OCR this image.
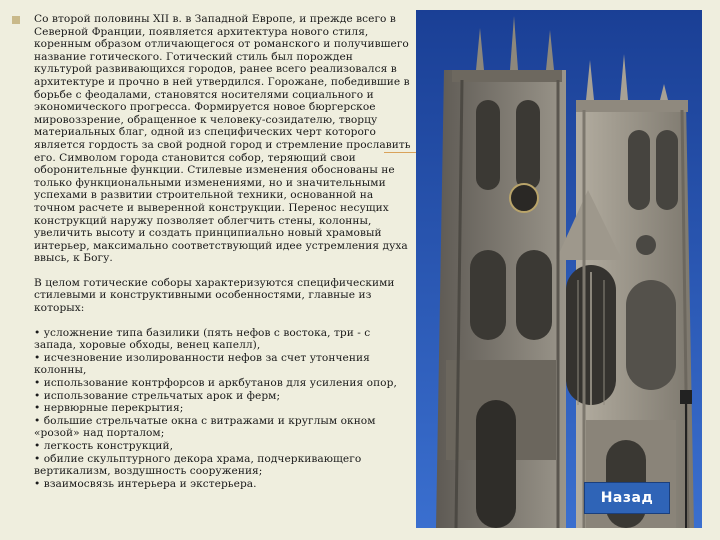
Со второй половины XII в. в Западной Европе, и прежде всего в Северной Франции, появляется архитектура нового стиля, коренным образом отличающегося от романского и получившего название готического. Готический стиль был порожден культурой развивающихся городов, ранее всего реализовался в архитектуре и прочно в ней утвердился. Горожане, победившие в борьбе с феодалами, становятся носителями социального и экономического прогресса. Формируется новое бюргерское мировоззрение, обращенное к человеку-созидателю, творцу материальных благ, одной из специфических черт которого является гордость за свой родной город и стремление прославить его. Символом города становится собор, теряющий свои оборонительные функции. Стилевые изменения обоснованы не только функциональными изменениями, но и значительными успехами в развитии строительной техники, основанной на точном расчете и выверенной конструкции. Перенос несущих конструкций наружу позволяет облегчить стены, колонны, увеличить высоту и создать принципиально новый храмовый интерьер, максимально соответствующий идее устремления духа ввысь, к Богу.

В целом готические соборы характеризуются специфическими стилевыми и конструктивными особенностями, главные из которых:

• усложнение типа базилики (пять нефов с востока, три - с запада, хоровые обходы, венец капелл),

• исчезновение изолированности нефов за счет утончения колонны,

• использование контрфорсов и аркбутанов для усиления опор,

• использование стрельчатых арок и ферм;

• нервюрные перекрытия;

• большие стрельчатые окна с витражами и круглым окном «розой» над порталом;

• легкость конструкций,

• обилие скульптурного декора храма, подчеркивающего вертикализм, воздушность сооружения;

• взаимосвязь интерьера и экстерьера.

Назад
